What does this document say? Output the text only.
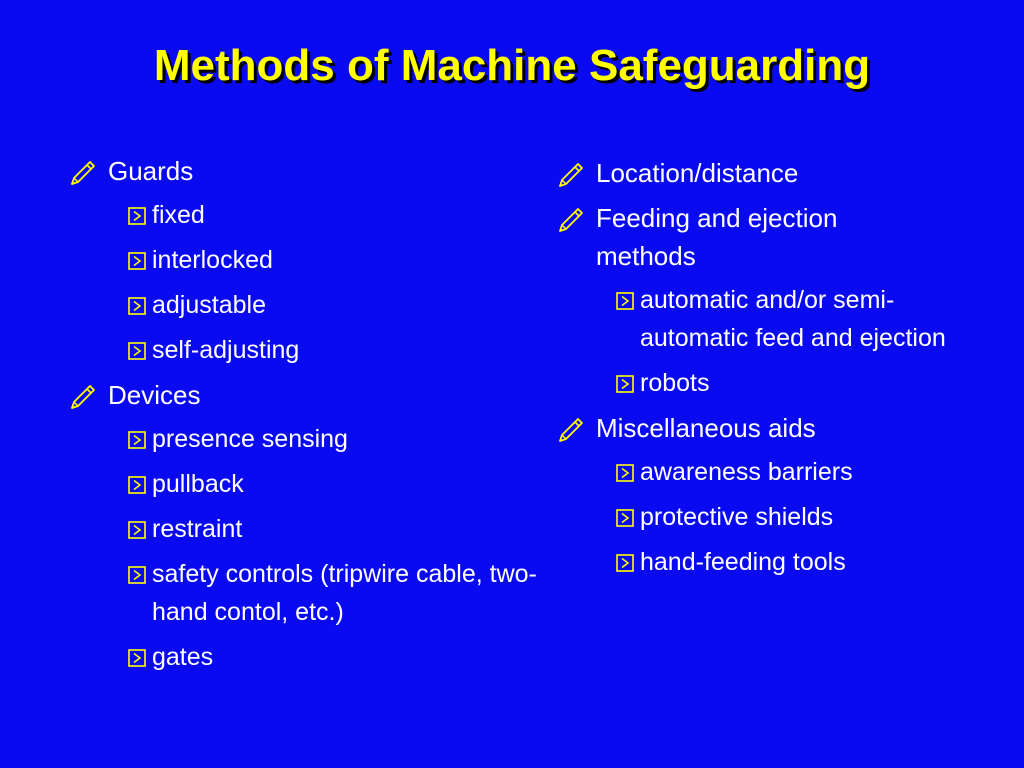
Methods of Machine Safeguarding
Guards
fixed
interlocked
adjustable
self-adjusting
Devices
presence sensing
pullback
restraint
safety controls (tripwire cable, two-hand contol, etc.)
gates
Location/distance
Feeding and ejection methods
automatic and/or semi-automatic feed and ejection
robots
Miscellaneous aids
awareness barriers
protective shields
hand-feeding tools
